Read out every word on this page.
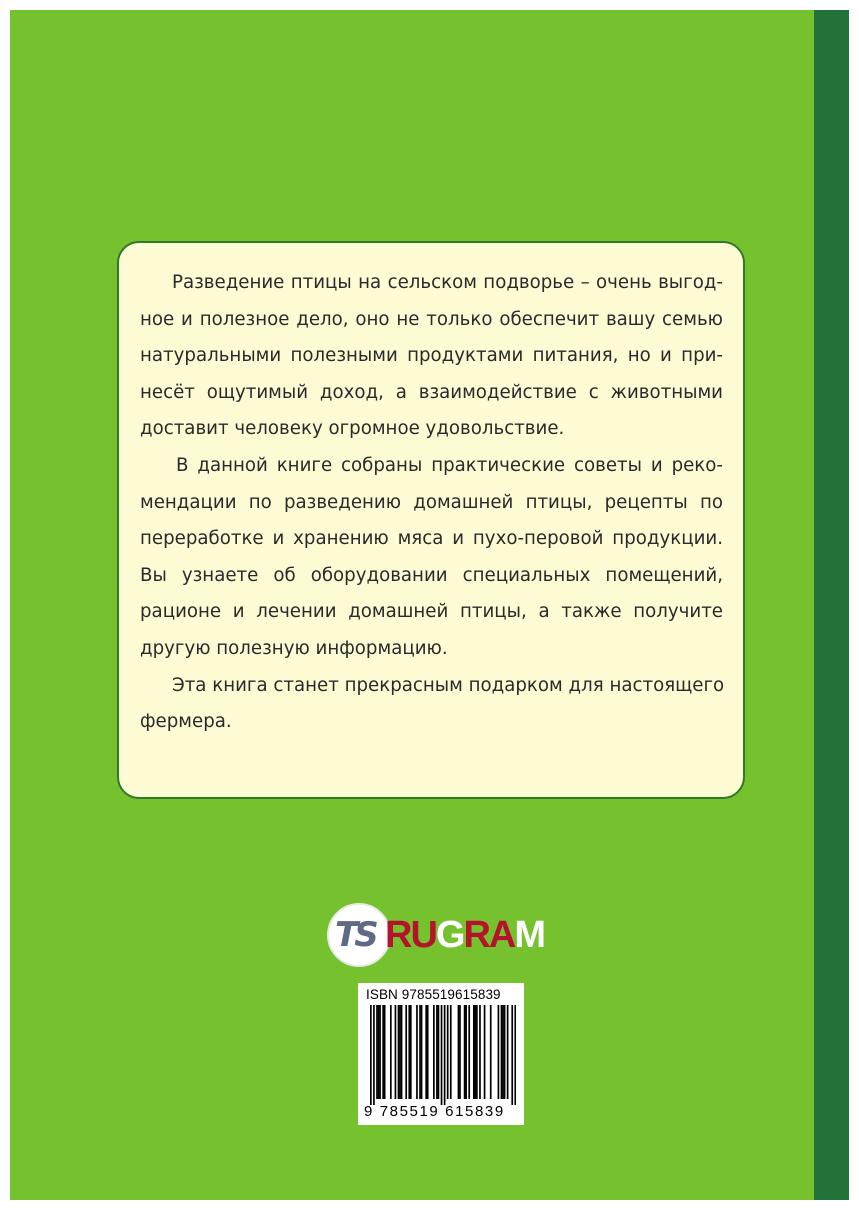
Разведение птицы на сельском подворье – очень выгод-
ное и полезное дело, оно не только обеспечит вашу семью
натуральными полезными продуктами питания, но и при-
несёт ощутимый доход, а взаимодействие с животными
доставит человеку огромное удовольствие.

В данной книге собраны практические советы и реко-
мендации по разведению домашней птицы, рецепты по
переработке и хранению мяса и пухо-перовой продукции.
Вы узнаете об оборудовании специальных помещений,
рационе и лечении домашней птицы, а также получите
другую полезную информацию.

Эта книга станет прекрасным подарком для настоящего
фермера.

TS RUGRAM
ISBN 9785519615839
9 785519 615839
